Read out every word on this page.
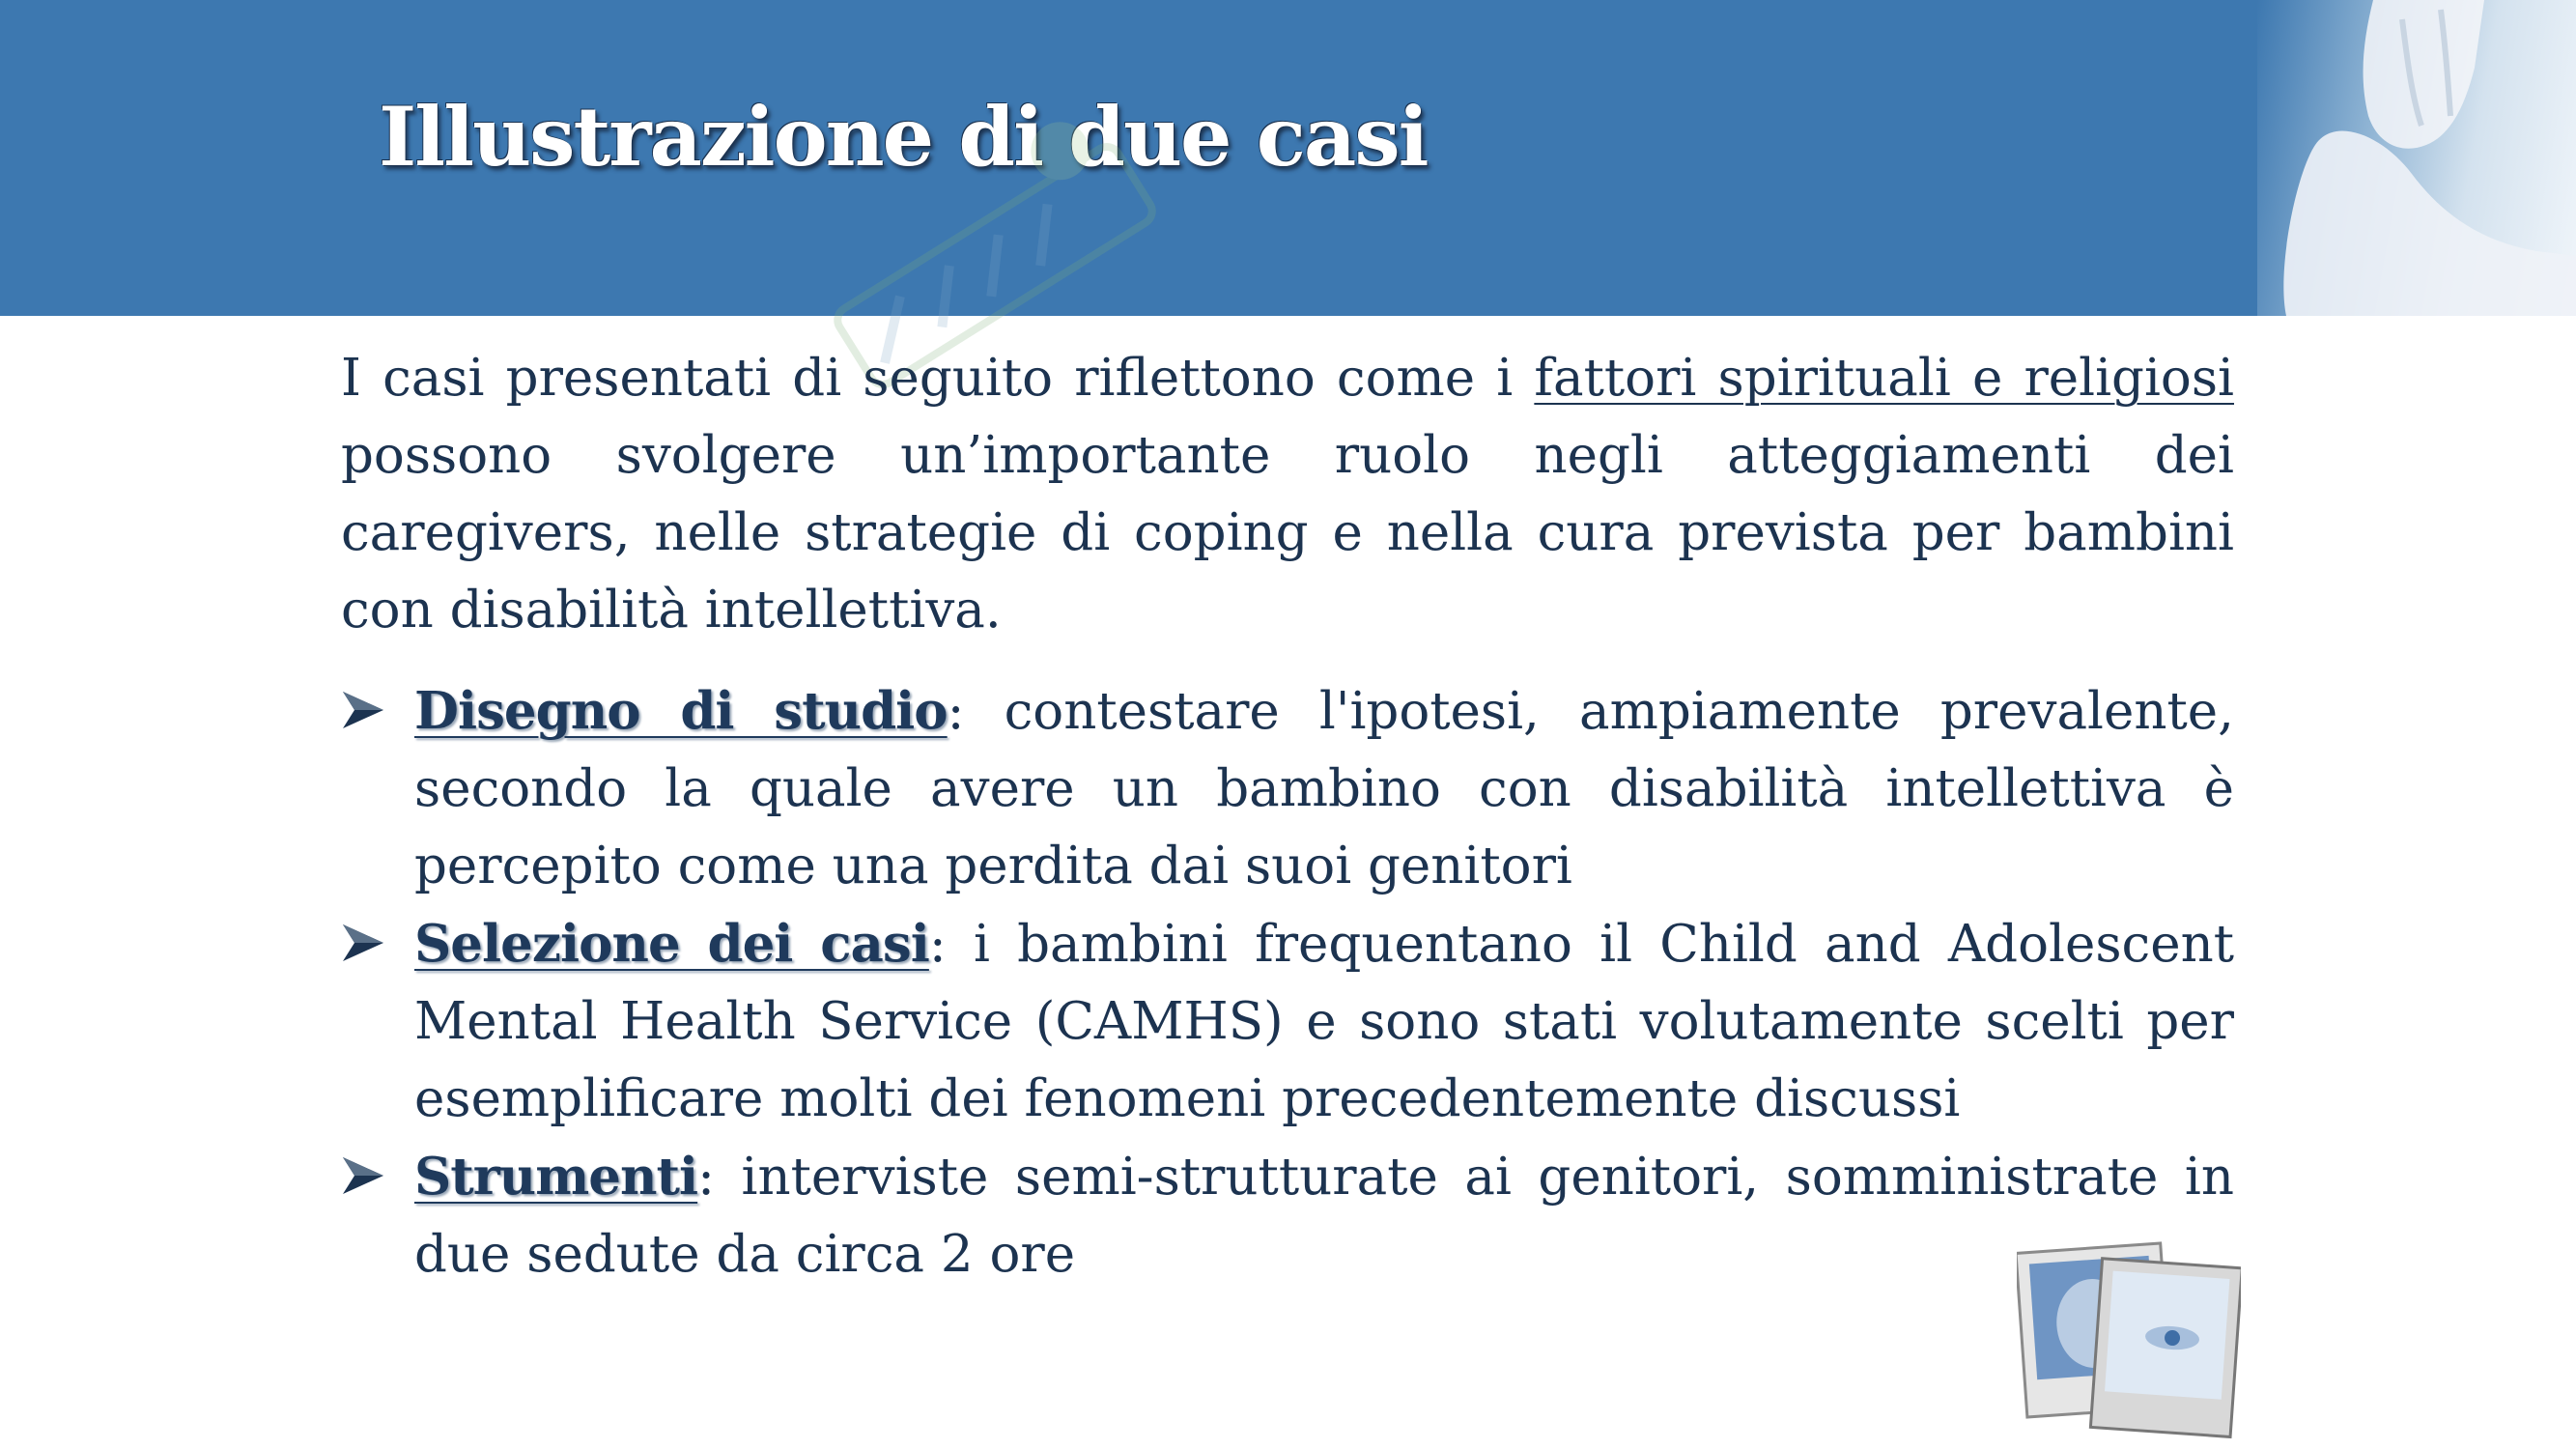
Illustrazione di due casi

I casi presentati di seguito riflettono come i fattori spirituali e religiosi possono svolgere un’importante ruolo negli atteggiamenti dei caregivers, nelle strategie di coping e nella cura prevista per bambini con disabilità intellettiva.

Disegno di studio: contestare l'ipotesi, ampiamente prevalente, secondo la quale avere un bambino con disabilità intellettiva è percepito come una perdita dai suoi genitori
Selezione dei casi: i bambini frequentano il Child and Adolescent Mental Health Service (CAMHS) e sono stati volutamente scelti per esemplificare molti dei fenomeni precedentemente discussi
Strumenti: interviste semi-strutturate ai genitori, somministrate in due sedute da circa 2 ore
